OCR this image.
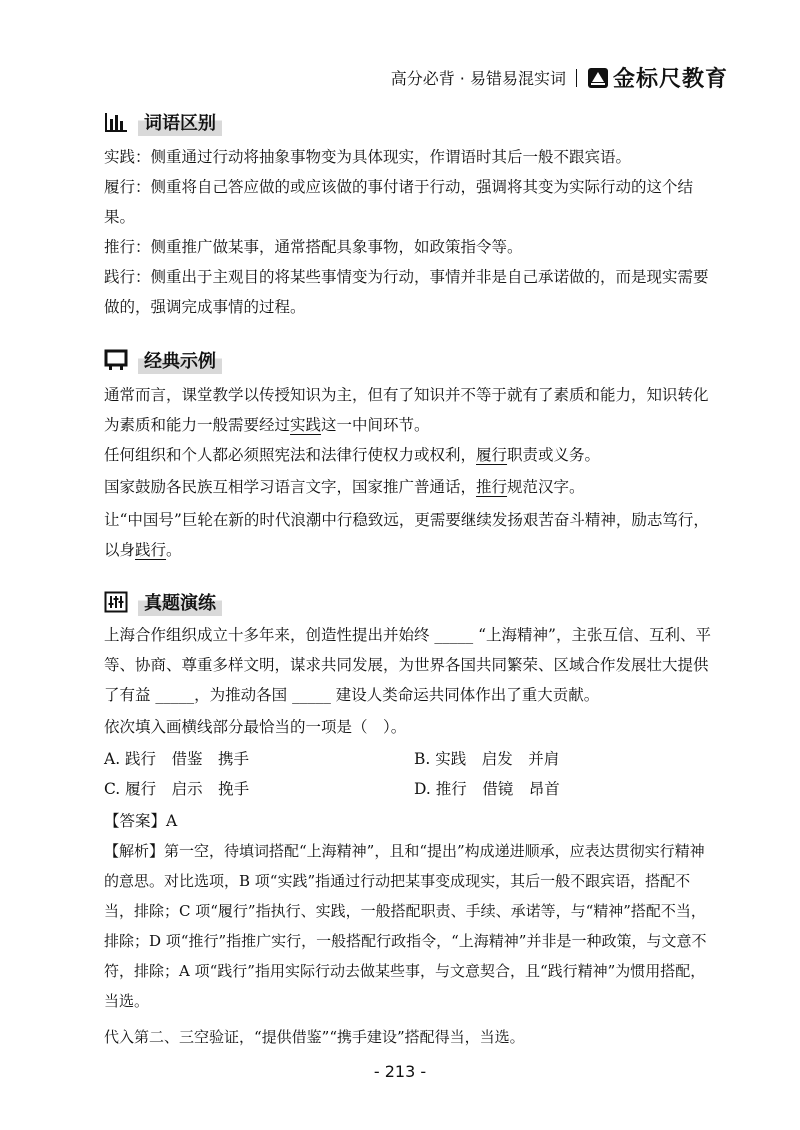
高分必背 · 易错易混实词 金标尺教育
词语区别

实践：侧重通过行动将抽象事物变为具体现实，作谓语时其后一般不跟宾语。

履行：侧重将自己答应做的或应该做的事付诸于行动，强调将其变为实际行动的这个结果。

推行：侧重推广做某事，通常搭配具象事物，如政策指令等。

践行：侧重出于主观目的将某些事情变为行动，事情并非是自己承诺做的，而是现实需要做的，强调完成事情的过程。

经典示例

通常而言，课堂教学以传授知识为主，但有了知识并不等于就有了素质和能力，知识转化为素质和能力一般需要经过实践这一中间环节。

任何组织和个人都必须照宪法和法律行使权力或权利，履行职责或义务。

国家鼓励各民族互相学习语言文字，国家推广普通话，推行规范汉字。

让“中国号”巨轮在新的时代浪潮中行稳致远，更需要继续发扬艰苦奋斗精神，励志笃行，以身践行。

真题演练

上海合作组织成立十多年来，创造性提出并始终 _____ “上海精神”，主张互信、互利、平等、协商、尊重多样文明，谋求共同发展，为世界各国共同繁荣、区域合作发展壮大提供了有益 _____，为推动各国 _____ 建设人类命运共同体作出了重大贡献。

依次填入画横线部分最恰当的一项是（　）。

A. 践行　借鉴　携手	B. 实践　启发　并肩
C. 履行　启示　挽手	D. 推行　借镜　昂首

【答案】A

【解析】第一空，待填词搭配“上海精神”，且和“提出”构成递进顺承，应表达贯彻实行精神的意思。对比选项，B 项“实践”指通过行动把某事变成现实，其后一般不跟宾语，搭配不当，排除；C 项“履行”指执行、实践，一般搭配职责、手续、承诺等，与“精神”搭配不当，排除；D 项“推行”指推广实行，一般搭配行政指令，“上海精神”并非是一种政策，与文意不符，排除；A 项“践行”指用实际行动去做某些事，与文意契合，且“践行精神”为惯用搭配，当选。

代入第二、三空验证，“提供借鉴”“携手建设”搭配得当，当选。

- 213 -
